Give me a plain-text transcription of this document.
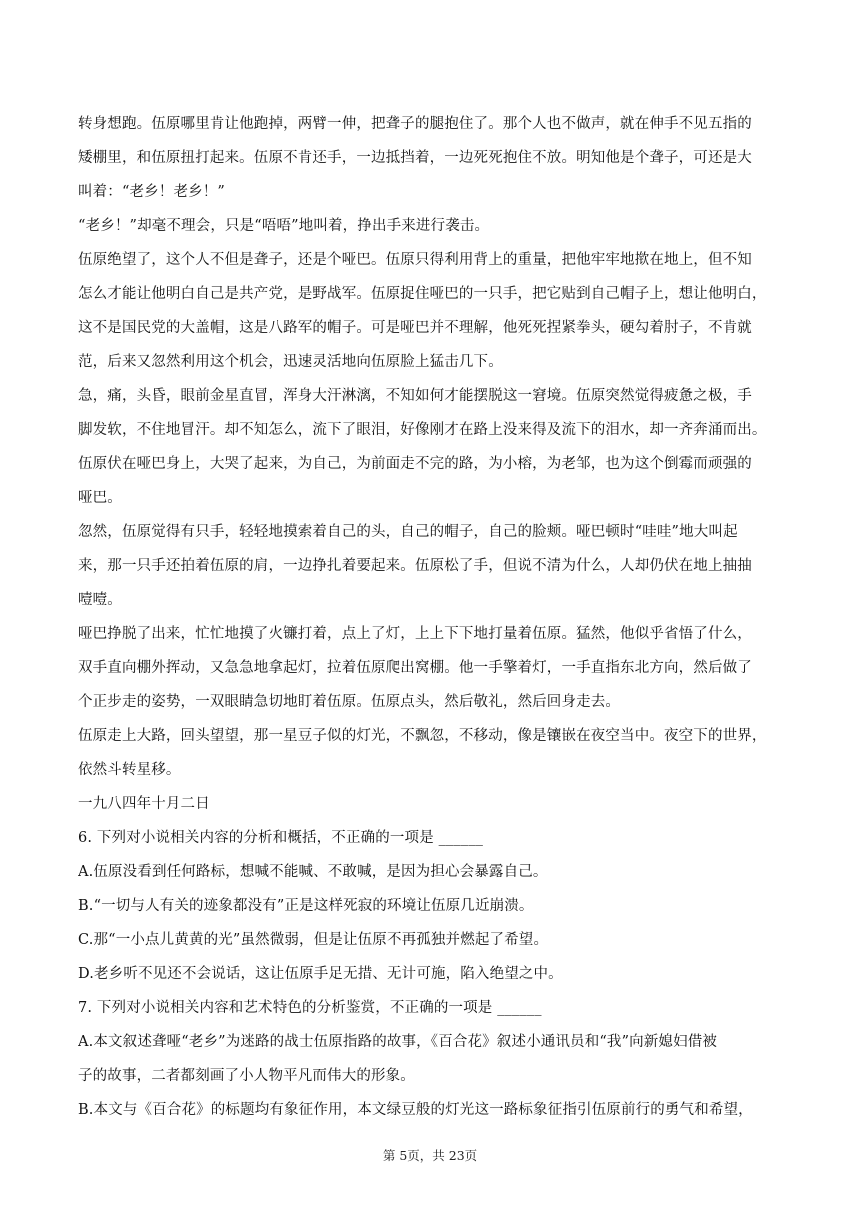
转身想跑。伍原哪里肯让他跑掉，两臂一伸，把聋子的腿抱住了。那个人也不做声，就在伸手不见五指的

矮棚里，和伍原扭打起来。伍原不肯还手，一边抵挡着，一边死死抱住不放。明知他是个聋子，可还是大

叫着：“老乡！老乡！”

“老乡！”却毫不理会，只是“唔唔”地叫着，挣出手来进行袭击。

伍原绝望了，这个人不但是聋子，还是个哑巴。伍原只得利用背上的重量，把他牢牢地揿在地上，但不知

怎么才能让他明白自己是共产党，是野战军。伍原捉住哑巴的一只手，把它贴到自己帽子上，想让他明白，

这不是国民党的大盖帽，这是八路军的帽子。可是哑巴并不理解，他死死捏紧拳头，硬勾着肘子，不肯就

范，后来又忽然利用这个机会，迅速灵活地向伍原脸上猛击几下。

急，痛，头昏，眼前金星直冒，浑身大汗淋漓，不知如何才能摆脱这一窘境。伍原突然觉得疲惫之极，手

脚发软，不住地冒汗。却不知怎么，流下了眼泪，好像刚才在路上没来得及流下的泪水，却一齐奔涌而出。

伍原伏在哑巴身上，大哭了起来，为自己，为前面走不完的路，为小榕，为老邹，也为这个倒霉而顽强的

哑巴。

忽然，伍原觉得有只手，轻轻地摸索着自己的头，自己的帽子，自己的脸颊。哑巴顿时“哇哇”地大叫起

来，那一只手还拍着伍原的肩，一边挣扎着要起来。伍原松了手，但说不清为什么，人却仍伏在地上抽抽

噎噎。

哑巴挣脱了出来，忙忙地摸了火镰打着，点上了灯，上上下下地打量着伍原。猛然，他似乎省悟了什么，

双手直向棚外挥动，又急急地拿起灯，拉着伍原爬出窝棚。他一手擎着灯，一手直指东北方向，然后做了

个正步走的姿势，一双眼睛急切地盯着伍原。伍原点头，然后敬礼，然后回身走去。

伍原走上大路，回头望望，那一星豆子似的灯光，不飘忽，不移动，像是镶嵌在夜空当中。夜空下的世界，

依然斗转星移。

一九八四年十月二日

6. 下列对小说相关内容的分析和概括，不正确的一项是 ______

A.伍原没看到任何路标，想喊不能喊、不敢喊，是因为担心会暴露自己。

B.“一切与人有关的迹象都没有”正是这样死寂的环境让伍原几近崩溃。

C.那“一小点儿黄黄的光”虽然微弱，但是让伍原不再孤独并燃起了希望。

D.老乡听不见还不会说话，这让伍原手足无措、无计可施，陷入绝望之中。

7. 下列对小说相关内容和艺术特色的分析鉴赏，不正确的一项是 ______

A.本文叙述聋哑“老乡”为迷路的战士伍原指路的故事，《百合花》叙述小通讯员和“我”向新媳妇借被

子的故事，二者都刻画了小人物平凡而伟大的形象。

B.本文与《百合花》的标题均有象征作用，本文绿豆般的灯光这一路标象征指引伍原前行的勇气和希望，

第 5页，共 23页
